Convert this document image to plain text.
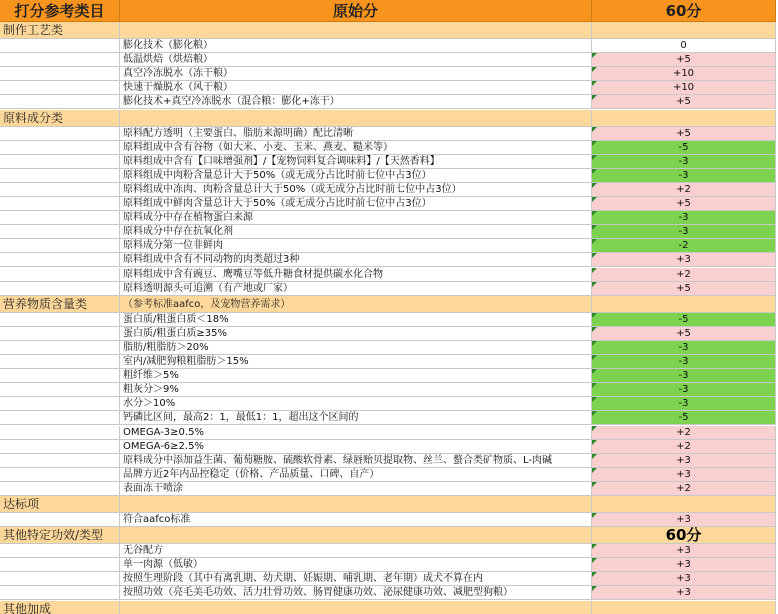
打分参考类目	原始分	60分
制作工艺类
膨化技术（膨化粮）	0
低温烘焙（烘焙粮）	+5
真空冷冻脱水（冻干粮）	+10
快速干燥脱水（风干粮）	+10
膨化技术+真空冷冻脱水（混合粮：膨化+冻干）	+5
原料成分类
原料配方透明（主要蛋白、脂肪来源明确）配比清晰	+5
原料组成中含有谷物（如大米、小麦、玉米、燕麦、糙米等）	-5
原料组成中含有【口味增强剂】/【宠物饲料复合调味料】/【天然香料】	-3
原料组成中肉粉含量总计大于50%（或无成分占比时前七位中占3位）	-3
原料组成中冻肉、肉粉含量总计大于50%（或无成分占比时前七位中占3位）	+2
原料组成中鲜肉含量总计大于50%（或无成分占比时前七位中占3位）	+5
原料成分中存在植物蛋白来源	-3
原料成分中存在抗氧化剂	-3
原料成分第一位非鲜肉	-2
原料组成中含有不同动物的肉类超过3种	+3
原料组成中含有豌豆、鹰嘴豆等低升糖食材提供碳水化合物	+2
原料透明源头可追溯（有产地或厂家）	+5
营养物质含量类	（参考标准aafco，及宠物营养需求）
蛋白质/粗蛋白质＜18%	-5
蛋白质/粗蛋白质≥35%	+5
脂肪/粗脂肪＞20%	-3
室内/减肥狗粮粗脂肪＞15%	-3
粗纤维＞5%	-3
粗灰分＞9%	-3
水分＞10%	-3
钙磷比区间，最高2：1，最低1：1，超出这个区间的	-5
OMEGA-3≥0.5%	+2
OMEGA-6≥2.5%	+2
原料成分中添加益生菌、葡萄糖胺、硫酸软骨素、绿唇贻贝提取物、丝兰、螯合类矿物质、L-肉碱	+3
品牌方近2年内品控稳定（价格、产品质量、口碑、自产）	+3
表面冻干喷涂	+2
达标项
符合aafco标准	+3
其他特定功效/类型	60分
无谷配方	+3
单一肉源（低敏）	+3
按照生理阶段（其中有离乳期、幼犬期、妊娠期、哺乳期、老年期）成犬不算在内	+3
按照功效（亮毛美毛功效、活力壮骨功效、肠胃健康功效、泌尿健康功效、减肥型狗粮）	+3
其他加成
